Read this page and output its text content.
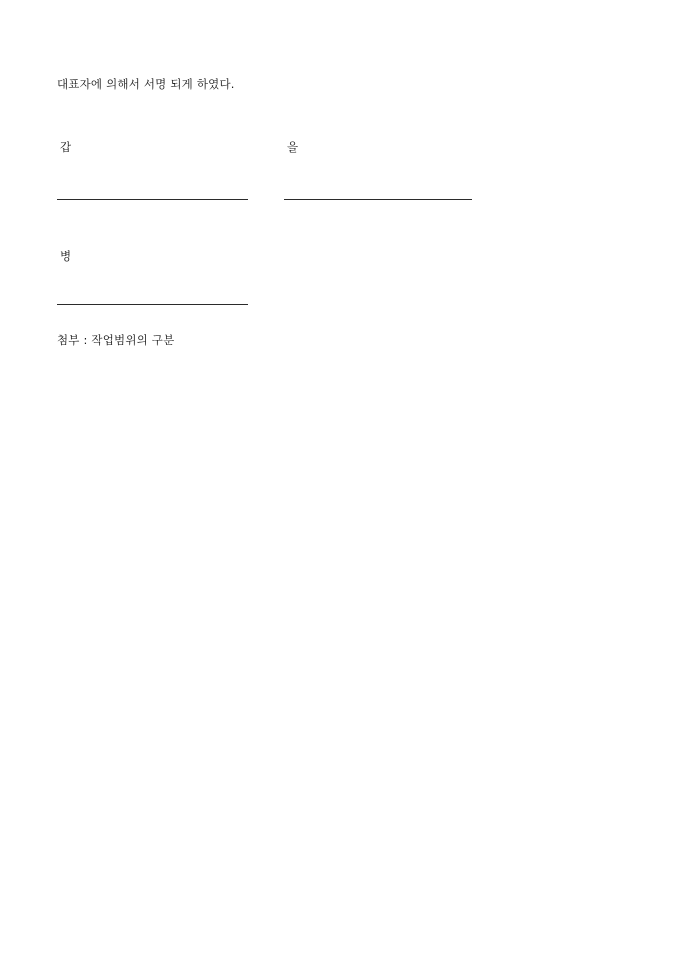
대표자에 의해서 서명 되게 하였다.
갑	을
병
첨부 : 작업범위의 구분
